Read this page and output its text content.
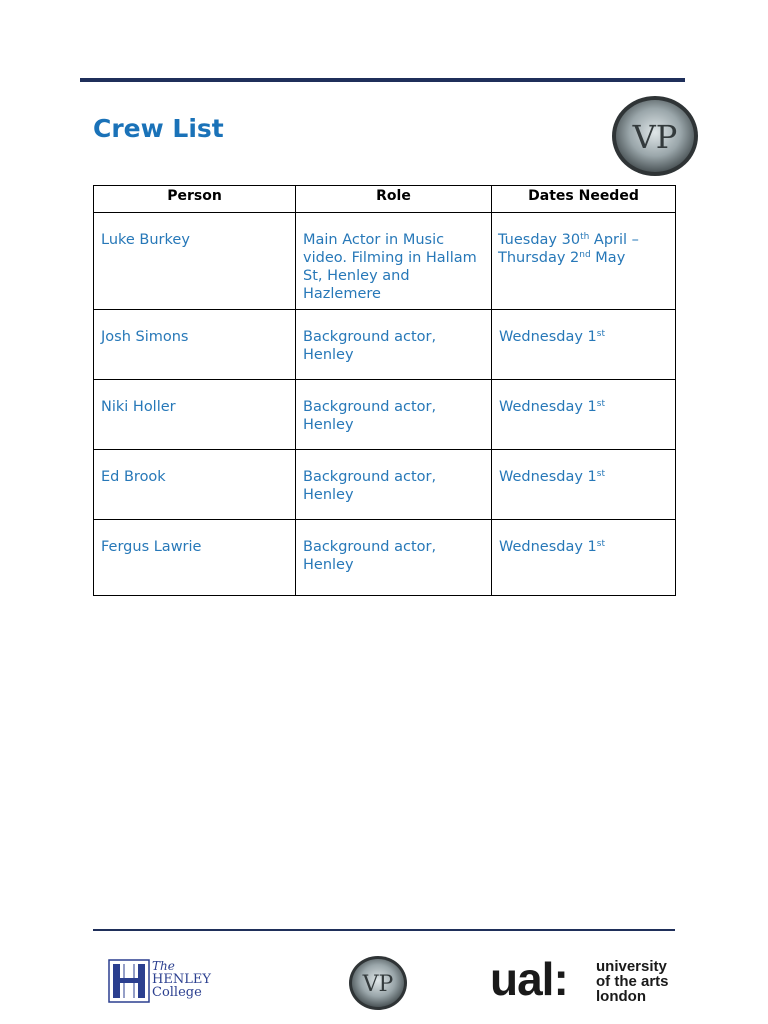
Crew List	VP
Person	Role	Dates Needed
Luke Burkey	Main Actor in Music video. Filming in Hallam St, Henley and Hazlemere	Tuesday 30th April – Thursday 2nd May
Josh Simons	Background actor, Henley	Wednesday 1st
Niki Holler	Background actor, Henley	Wednesday 1st
Ed Brook	Background actor, Henley	Wednesday 1st
Fergus Lawrie	Background actor, Henley	Wednesday 1st
The
HENLEY
College	VP ual: university
of the arts
london
